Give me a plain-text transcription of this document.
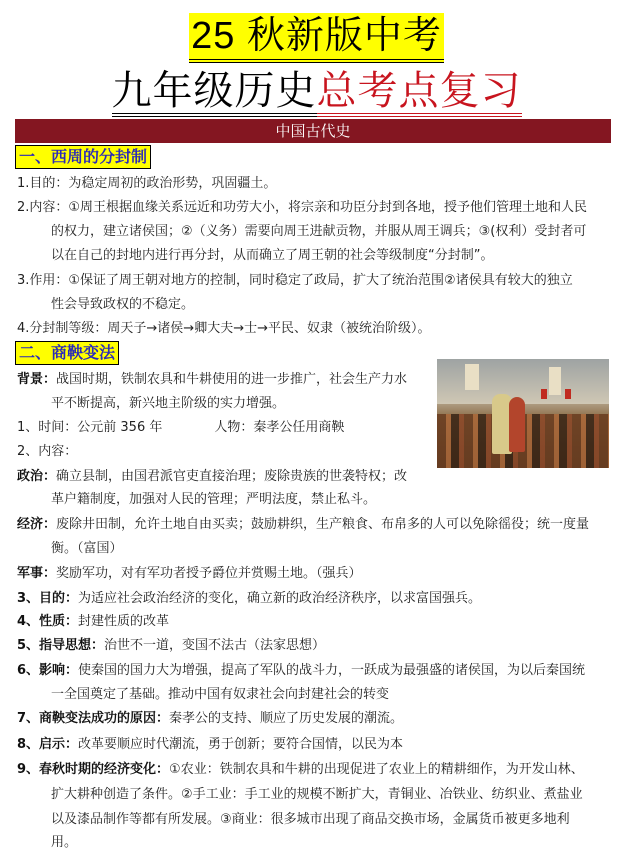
25 秋新版中考
九年级历史总考点复习
中国古代史
一、西周的分封制
1.目的：为稳定周初的政治形势，巩固疆土。
2.内容：①周王根据血缘关系远近和功劳大小，将宗亲和功臣分封到各地，授予他们管理土地和人民
的权力，建立诸侯国；②（义务）需要向周王进献贡物，并服从周王调兵；③(权利）受封者可
以在自己的封地内进行再分封，从而确立了周王朝的社会等级制度“分封制”。
3.作用：①保证了周王朝对地方的控制，同时稳定了政局，扩大了统治范围②诸侯具有较大的独立
性会导致政权的不稳定。
4.分封制等级：周天子→诸侯→卿大夫→士→平民、奴隶（被统治阶级）。
二、商鞅变法
背景：战国时期，铁制农具和牛耕使用的进一步推广，社会生产力水
平不断提高，新兴地主阶级的实力增强。
1、时间：公元前 356 年	人物：秦孝公任用商鞅
2、内容：
政治：确立县制，由国君派官吏直接治理；废除贵族的世袭特权；改
革户籍制度，加强对人民的管理；严明法度，禁止私斗。
经济：废除井田制，允许土地自由买卖；鼓励耕织，生产粮食、布帛多的人可以免除徭役；统一度量
衡。（富国）
军事：奖励军功，对有军功者授予爵位并赏赐土地。（强兵）
3、目的：为适应社会政治经济的变化，确立新的政治经济秩序，以求富国强兵。
4、性质：封建性质的改革
5、指导思想：治世不一道，变国不法古（法家思想）
6、影响：使秦国的国力大为增强，提高了军队的战斗力，一跃成为最强盛的诸侯国，为以后秦国统
一全国奠定了基础。推动中国有奴隶社会向封建社会的转变
7、商鞅变法成功的原因：秦孝公的支持、顺应了历史发展的潮流。
8、启示：改革要顺应时代潮流，勇于创新；要符合国情，以民为本
9、春秋时期的经济变化：①农业：铁制农具和牛耕的出现促进了农业上的精耕细作，为开发山林、
扩大耕种创造了条件。②手工业：手工业的规模不断扩大，青铜业、冶铁业、纺织业、煮盐业
以及漆品制作等都有所发展。③商业：很多城市出现了商品交换市场，金属货币被更多地利
用。
